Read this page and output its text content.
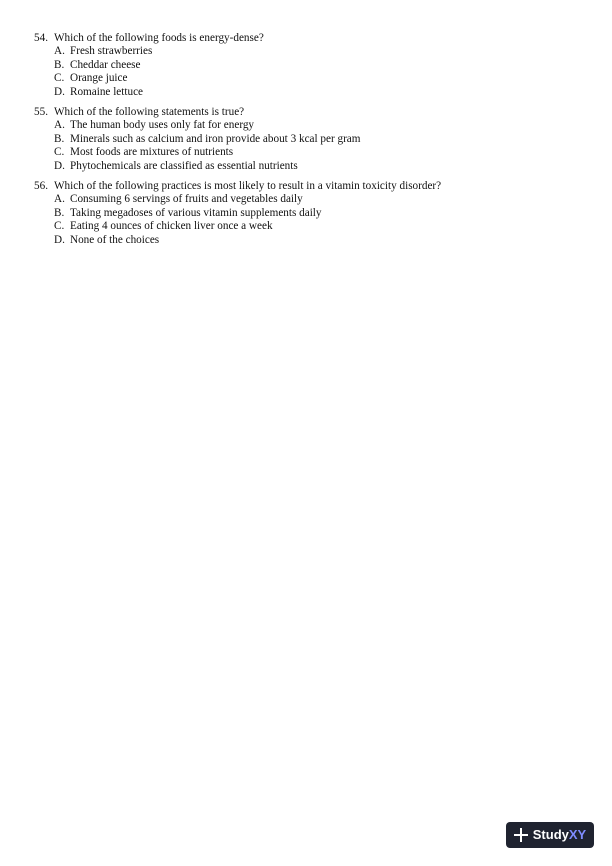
54. Which of the following foods is energy-dense?
A. Fresh strawberries
B. Cheddar cheese
C. Orange juice
D. Romaine lettuce
55. Which of the following statements is true?
A. The human body uses only fat for energy
B. Minerals such as calcium and iron provide about 3 kcal per gram
C. Most foods are mixtures of nutrients
D. Phytochemicals are classified as essential nutrients
56. Which of the following practices is most likely to result in a vitamin toxicity disorder?
A. Consuming 6 servings of fruits and vegetables daily
B. Taking megadoses of various vitamin supplements daily
C. Eating 4 ounces of chicken liver once a week
D. None of the choices
Study XY
